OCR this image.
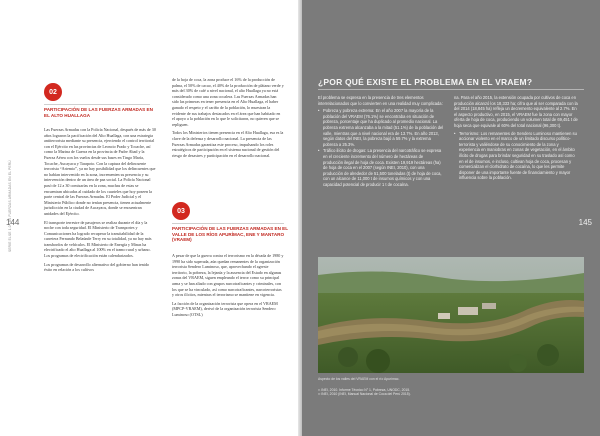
SERIE ELSE 1.0 LAS FUERZAS ARMADAS EN EL PERÚ
144
02
PARTICIPACIÓN DE LAS FUERZAS ARMADAS EN EL ALTO HUALLAGA

Las Fuerzas Armadas con la Policía Nacional, después de más de 30 años lograron la pacificación del Alto Huallaga, con una estrategia antiterrorista mediante su presencia, ejerciendo el control territorial con el Ejército en las provincias de Leoncio Prado y Tocache, así como la Marina de Guerra en la provincia de Padre Abad y la Fuerza Aérea con los vuelos desde sus bases en Tingo María, Tocache, Aucayacu y Tarapoto. Con la captura del delincuente terrorista “Artemio”, ya no hay posibilidad que los delincuentes que no habían intervenido en la zona, incrementen su presencia y su intervención dentro de un área de paz social. La Policía Nacional pasó de 12 a 30 comisarías en la zona, muchas de estas se encuentran ubicadas al cuidado de los cuarteles que hoy poseen la parte central de las Fuerzas Armadas. El Poder Judicial y el Ministerio Público donde no tenían presencia, tienen actualmente jurisdicción en la ciudad de Aucayacu, donde se encuentran unidades del Ejército.

El transporte terrestre de pasajeros se realiza durante el día y la noche con toda seguridad. El Ministerio de Transportes y Comunicaciones ha logrado recuperar la transitabilidad de la carretera Fernando Belaúnde Terry en su totalidad, ya no hay más transbordos de vehículos. El Ministerio de Energía y Minas ha electrificado el alto Huallaga al 100% en el tramo rural y urbano. Los programas de electrificación están calendarizados.

Los programas de desarrollo alternativo del gobierno han tenido éxito en relación a los cultivos

de la hoja de coca, la zona produce el 16% de la producción de palma, el 50% de cacao, el 40% de la producción de plátano verde y más del 30% de café a nivel nacional, el alto Huallaga ya no está considerado como una zona cocalera. Las Fuerzas Armadas han sido las primeras en tener presencia en el Alto Huallaga, el haber ganado el respeto y el cariño de la población, lo muestran la evidente de sus trabajos destacados en el área que han habitado en el apoyo a la población en lo que le solicitaron, no quieren que se repliguen.

Todos los Ministerios tienen presencia en el Alto Huallaga, esa es la clave de la defensa y desarrollo nacional. La presencia de las Fuerzas Armadas garantiza este proceso, impulsando los roles estratégicos de participación en el sistema nacional de gestión del riesgo de desastres y participación en el desarrollo nacional.

03
PARTICIPACIÓN DE LAS FUERZAS ARMADAS EN EL VALLE DE LOS RÍOS APURÍMAC, ENE Y MANTARO (VRAEM)

A pesar de que la guerra contra el terrorismo en la década de 1980 y 1990 ha sido superada, aún quedan remanentes de la organización terrorista Sendero Luminoso, que, aprovechando el agreste territorio, la pobreza, la lejanía y la ausencia del Estado en algunas zonas del VRAEM, siguen empleando el terror como su principal arma y se han aliado con grupos narcotraficantes y criminales, con los que se ha vinculado, así como narcotraficantes, narcoterroristas y otros ilícitos, mientras el terrorismo se mantiene en vigencia.

La facción de la organización terrorista que opera en el VRAEM (MPCP-VRAEM), derivó de la organización terrorista Sendero Luminoso (OTSL)

145
¿POR QUÉ EXISTE EL PROBLEMA EN EL VRAEM?

El problema se expresa en la presencia de tres elementos interrelacionados que lo convierten en una realidad muy complicada:

• Pobreza y pobreza extrema: En el año 2007 la mayoría de la población del VRAEM (76.1%) se encontraba en situación de pobreza, porcentaje que ha duplicado al promedio nacional. La pobreza extrema alcanzaba a la mitad (51.1%) de la población del valle, mientras que a nivel nacional era de 13.7%. En año 2013, según datos del INEI, la pobreza bajó a 59.7% y la extrema pobreza a 25.3%.
• Tráfico ilícito de drogas: La presencia del narcotráfico se expresa en el creciente incremento del número de hectáreas de producción ilegal de hoja de coca. Existen 19,919 hectáreas (ha) de hoja de coca en el 2007 (según INEI, 2010), con una producción de alrededor de 51,500 toneladas (t) de hoja de coca, con un alcance de 11,000 t de insumos químicos y con una capacidad potencial de producir 1 t de cocaína.

na. Para el año 2015, la extensión ocupada por cultivos de coca en producción alcanzó los 18,333 ha; cifra que al ser comparada con la del 2014 (18,845 ha) refleja un decremento equivalente al 2.7%. En el aspecto productivo, en 2015, el VRAEM fue la zona con mayor oferta de hoja de coca, produciendo un volumen total de 69,451 t de hoja seca que equivale al 60% del total nacional (96,300 t).

• Terrorismo: Los remanentes de Sendero Luminoso mantienen su accionar violento en el marco de un limitado discurso político-terrorista y valiéndose de su conocimiento de la zona y experiencia en maniobras en zonas de vegetación, en el ámbito ilícito de drogas para brindar seguridad en su traslado así como en el de insumos, e incluso, cultivan hoja de coca, procesan y comercializan el clorhidrato de cocaína, lo que les permite disponer de una importante fuente de financiamiento y mayor influencia sobre la población.
Aspecto de los valles del VRAEM con el río Apurímac.
¹¹ INEI, 2010. Informe Técnico N° 1, Pobreza, UNODC, 2015.
¹² INEI, 2010 (INEI, Manual Nacional de Coca del Perú 2015).
